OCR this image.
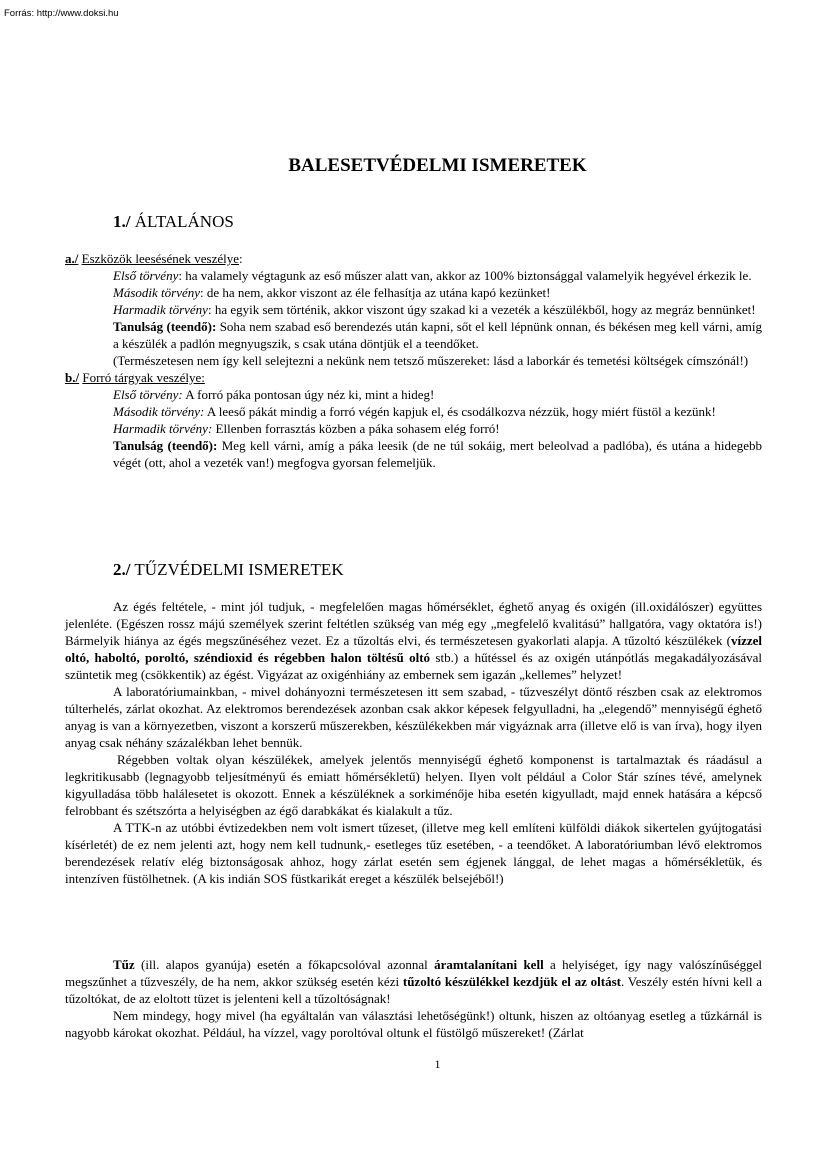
Forrás: http://www.doksi.hu
BALESETVÉDELMI ISMERETEK
1./ ÁLTALÁNOS

a./ Eszközök leesésének veszélye:

Első törvény: ha valamely végtagunk az eső műszer alatt van, akkor az 100% biztonsággal valamelyik hegyével érkezik le.

Második törvény: de ha nem, akkor viszont az éle felhasítja az utána kapó kezünket!

Harmadik törvény: ha egyik sem történik, akkor viszont úgy szakad ki a vezeték a készülékből, hogy az megráz bennünket!

Tanulság (teendő): Soha nem szabad eső berendezés után kapni, sőt el kell lépnünk onnan, és békésen meg kell várni, amíg a készülék a padlón megnyugszik, s csak utána döntjük el a teendőket.

(Természetesen nem így kell selejtezni a nekünk nem tetsző műszereket: lásd a laborkár és temetési költségek címszónál!)

b./ Forró tárgyak veszélye:

Első törvény: A forró páka pontosan úgy néz ki, mint a hideg!

Második törvény: A leeső pákát mindig a forró végén kapjuk el, és csodálkozva nézzük, hogy miért füstöl a kezünk!

Harmadik törvény: Ellenben forrasztás közben a páka sohasem elég forró!

Tanulság (teendő): Meg kell várni, amíg a páka leesik (de ne túl sokáig, mert beleolvad a padlóba), és utána a hidegebb végét (ott, ahol a vezeték van!) megfogva gyorsan felemeljük.

2./ TŰZVÉDELMI ISMERETEK

Az égés feltétele, - mint jól tudjuk, - megfelelően magas hőmérséklet, éghető anyag és oxigén (ill.oxidálószer) együttes jelenléte. (Egészen rossz májú személyek szerint feltétlen szükség van még egy „megfelelő kvalitású” hallgatóra, vagy oktatóra is!) Bármelyik hiánya az égés megszűnéséhez vezet. Ez a tűzoltás elvi, és természetesen gyakorlati alapja. A tűzoltó készülékek (vízzel oltó, haboltó, poroltó, széndioxid és régebben halon töltésű oltó stb.) a hűtéssel és az oxigén utánpótlás megakadályozásával szüntetik meg (csökkentik) az égést. Vigyázat az oxigénhiány az embernek sem igazán „kellemes” helyzet!

A laboratóriumainkban, - mivel dohányozni természetesen itt sem szabad, - tűzveszélyt döntő részben csak az elektromos túlterhelés, zárlat okozhat. Az elektromos berendezések azonban csak akkor képesek felgyulladni, ha „elegendő” mennyiségű éghető anyag is van a környezetben, viszont a korszerű műszerekben, készülékekben már vigyáznak arra (illetve elő is van írva), hogy ilyen anyag csak néhány százalékban lehet bennük.

Régebben voltak olyan készülékek, amelyek jelentős mennyiségű éghető komponenst is tartalmaztak és ráadásul a legkritikusabb (legnagyobb teljesítményű és emiatt hőmérsékletű) helyen. Ilyen volt például a Color Stár színes tévé, amelynek kigyulladása több halálesetet is okozott. Ennek a készüléknek a sorkiménője hiba esetén kigyulladt, majd ennek hatására a képcső felrobbant és szétszórta a helyiségben az égő darabkákat és kialakult a tűz.

A TTK-n az utóbbi évtizedekben nem volt ismert tűzeset, (illetve meg kell említeni külföldi diákok sikertelen gyújtogatási kísérletét) de ez nem jelenti azt, hogy nem kell tudnunk,- esetleges tűz esetében, - a teendőket. A laboratóriumban lévő elektromos berendezések relatív elég biztonságosak ahhoz, hogy zárlat esetén sem égjenek lánggal, de lehet magas a hőmérsékletük, és intenzíven füstölhetnek. (A kis indián SOS füstkarikát ereget a készülék belsejéből!)

Tűz (ill. alapos gyanúja) esetén a főkapcsolóval azonnal áramtalanítani kell a helyiséget, így nagy valószínűséggel megszűnhet a tűzveszély, de ha nem, akkor szükség esetén kézi tűzoltó készülékkel kezdjük el az oltást. Veszély estén hívni kell a tűzoltókat, de az eloltott tüzet is jelenteni kell a tűzoltóságnak!

Nem mindegy, hogy mivel (ha egyáltalán van választási lehetőségünk!) oltunk, hiszen az oltóanyag esetleg a tűzkárnál is nagyobb károkat okozhat. Például, ha vízzel, vagy poroltóval oltunk el füstölgő műszereket! (Zárlat

1
